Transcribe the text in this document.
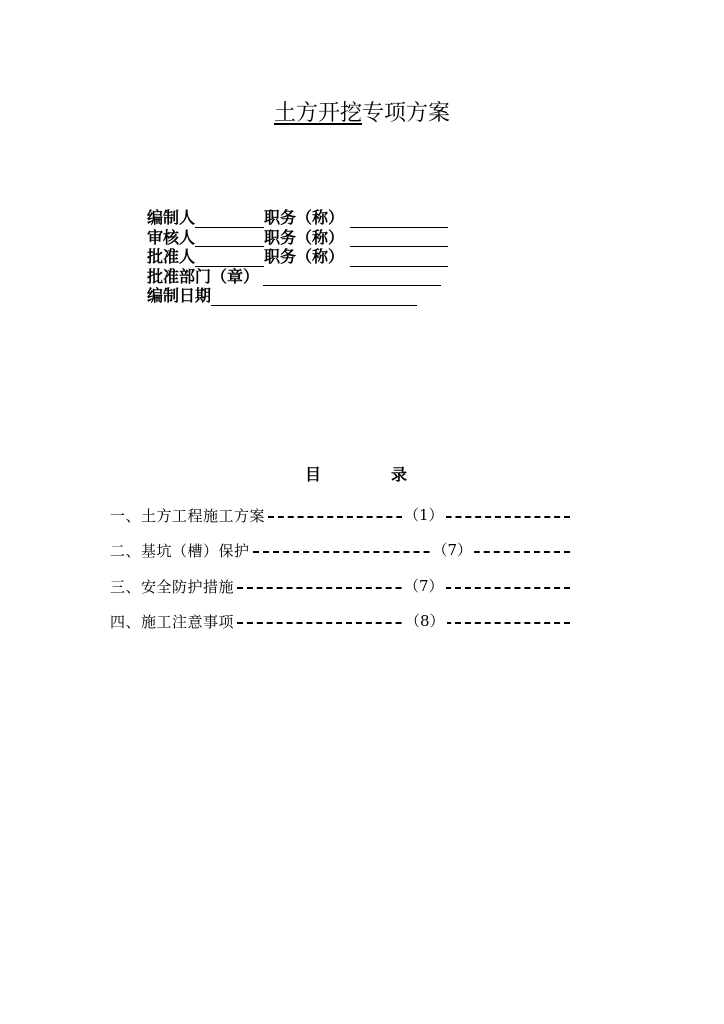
土方开挖专项方案
编制人	职务（称）
审核人	职务（称）
批准人	职务（称）
批准部门（章）
编制日期
目	录
一、土方工程施工方案	（1）
二、基坑（槽）保护	（7）
三、安全防护措施	（7）
四、施工注意事项	（8）
